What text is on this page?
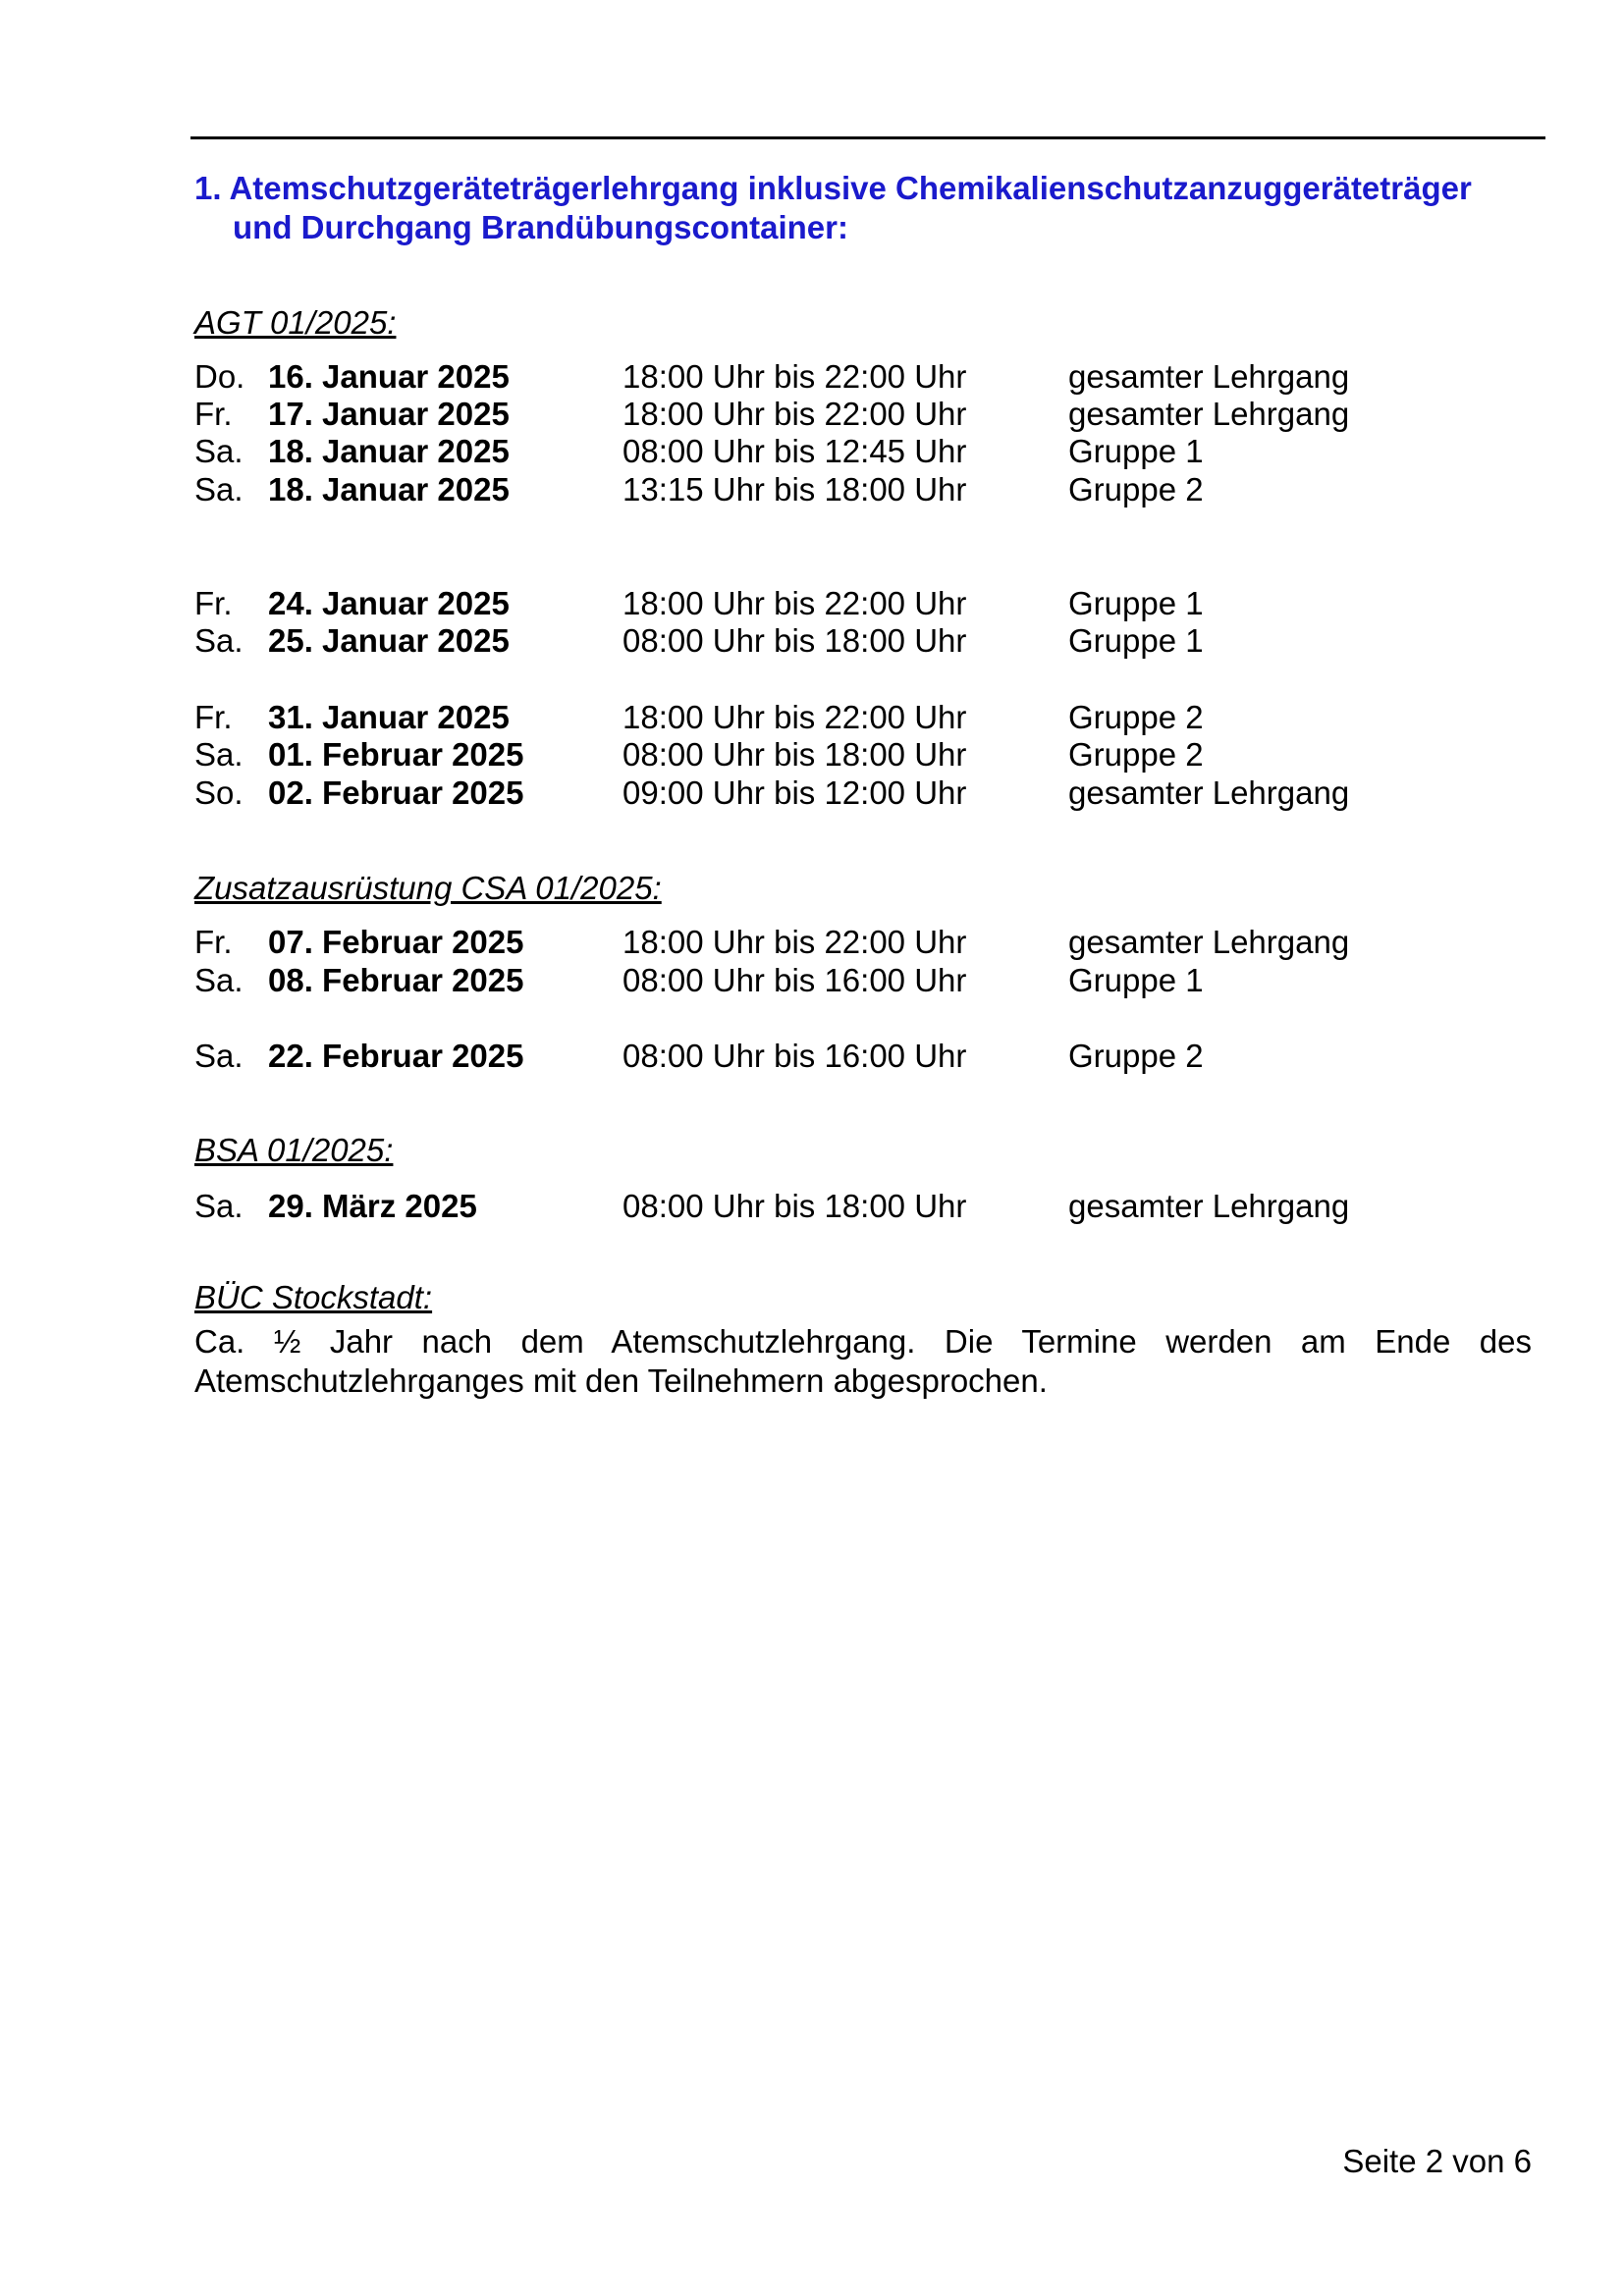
1. Atemschutzgeräteträgerlehrgang inklusive Chemikalienschutzanzuggeräteträger
und Durchgang Brandübungscontainer:
AGT 01/2025:
Do. 16. Januar 2025	18:00 Uhr bis 22:00 Uhr	gesamter Lehrgang
Fr. 17. Januar 2025	18:00 Uhr bis 22:00 Uhr	gesamter Lehrgang
Sa. 18. Januar 2025	08:00 Uhr bis 12:45 Uhr	Gruppe 1
Sa. 18. Januar 2025	13:15 Uhr bis 18:00 Uhr	Gruppe 2
Fr. 24. Januar 2025	18:00 Uhr bis 22:00 Uhr	Gruppe 1
Sa. 25. Januar 2025	08:00 Uhr bis 18:00 Uhr	Gruppe 1
Fr. 31. Januar 2025	18:00 Uhr bis 22:00 Uhr	Gruppe 2
Sa. 01. Februar 2025	08:00 Uhr bis 18:00 Uhr	Gruppe 2
So. 02. Februar 2025	09:00 Uhr bis 12:00 Uhr	gesamter Lehrgang
Zusatzausrüstung CSA 01/2025:
Fr. 07. Februar 2025	18:00 Uhr bis 22:00 Uhr	gesamter Lehrgang
Sa. 08. Februar 2025	08:00 Uhr bis 16:00 Uhr	Gruppe 1
Sa. 22. Februar 2025	08:00 Uhr bis 16:00 Uhr	Gruppe 2
BSA 01/2025:
Sa. 29. März 2025	08:00 Uhr bis 18:00 Uhr	gesamter Lehrgang
BÜC Stockstadt:
Ca. ½ Jahr nach dem Atemschutzlehrgang. Die Termine werden am Ende des Atemschutzlehrganges mit den Teilnehmern abgesprochen.
Seite 2 von 6
